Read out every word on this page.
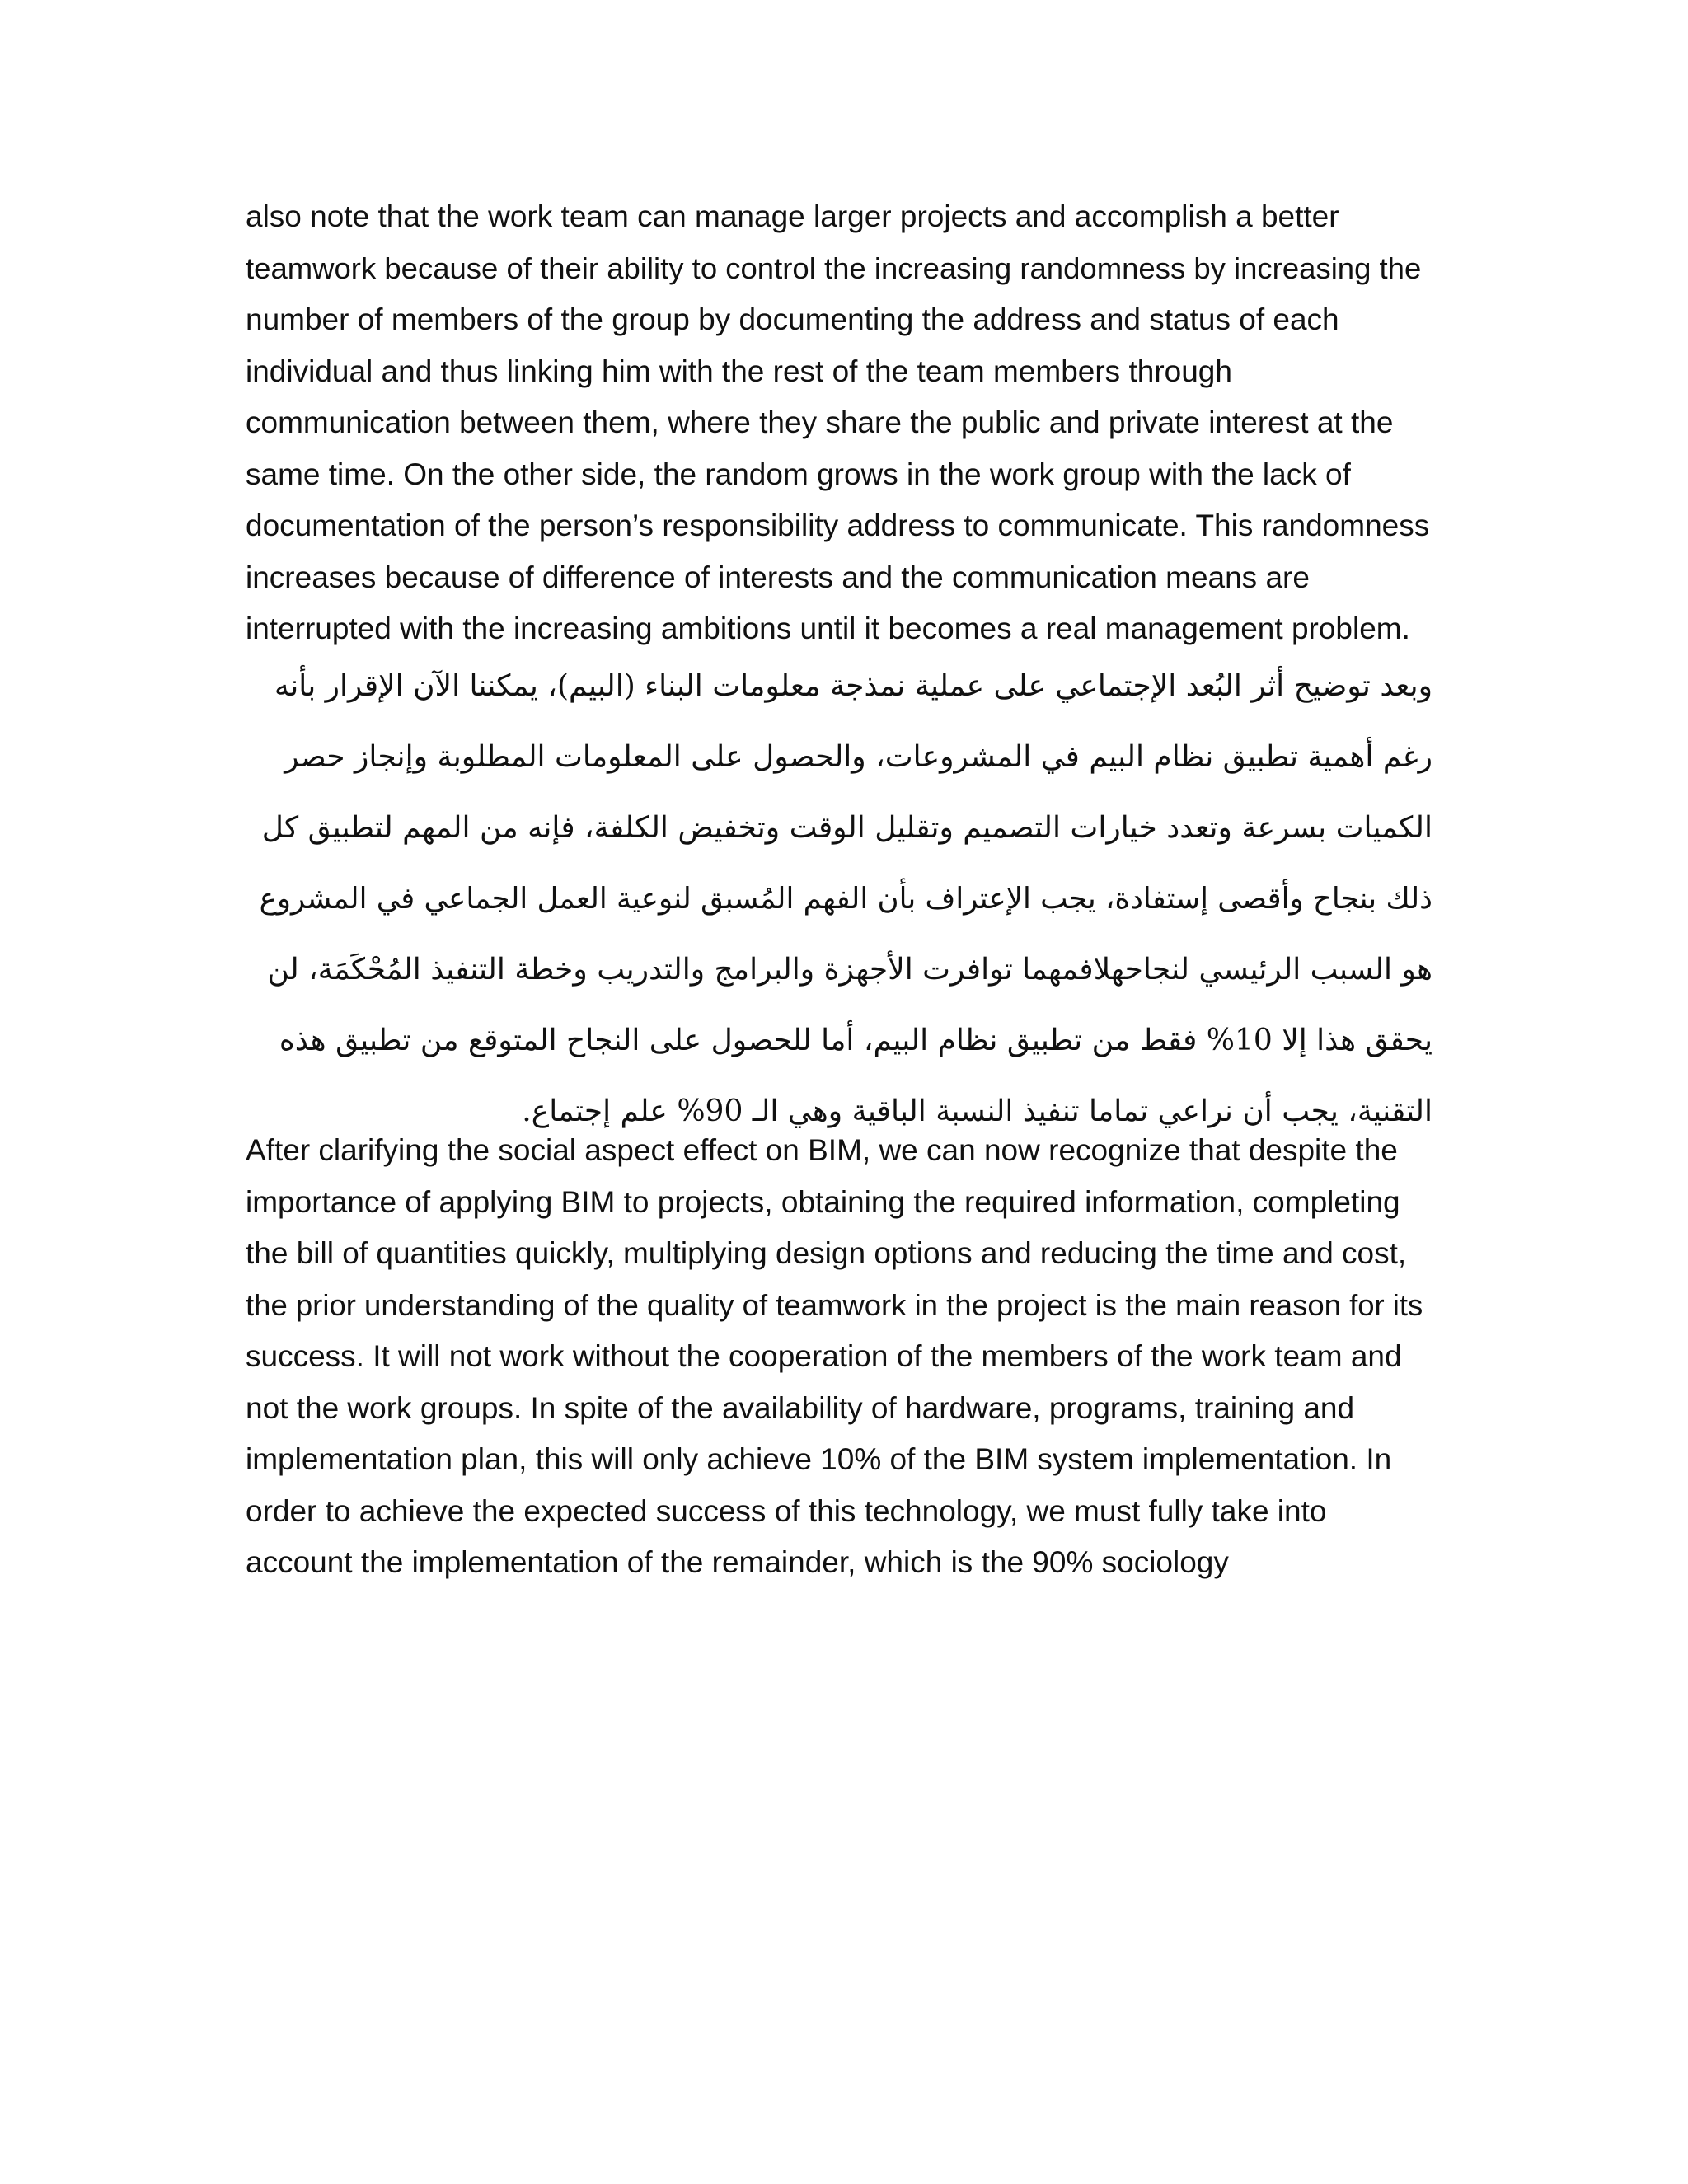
also note that the work team can manage larger projects and accomplish a better
teamwork because of their ability to control the increasing randomness by increasing the
number of members of the group by documenting the address and status of each
individual and thus linking him with the rest of the team members through
communication between them, where they share the public and private interest at the
same time. On the other side, the random grows in the work group with the lack of
documentation of the person’s responsibility address to communicate. This randomness
increases because of difference of interests and the communication means are
interrupted with the increasing ambitions until it becomes a real management problem.
وبعد توضيح أثر البُعد الإجتماعي على عملية نمذجة معلومات البناء (البيم)، يمكننا الآن الإقرار بأنه
رغم أهمية تطبيق نظام البيم في المشروعات، والحصول على المعلومات المطلوبة وإنجاز حصر
الكميات بسرعة وتعدد خيارات التصميم وتقليل الوقت وتخفيض الكلفة، فإنه من المهم لتطبيق كل
ذلك بنجاح وأقصى إستفادة، يجب الإعتراف بأن الفهم المُسبق لنوعية العمل الجماعي في المشروع
هو السبب الرئيسي لنجاحهلافمهما توافرت الأجهزة والبرامج والتدريب وخطة التنفيذ المُحْكَمَة، لن
يحقق هذا إلا 10% فقط من تطبيق نظام البيم، أما للحصول على النجاح المتوقع من تطبيق هذه
التقنية، يجب أن نراعي تماما تنفيذ النسبة الباقية وهي الـ 90% علم إجتماع.
After clarifying the social aspect effect on BIM, we can now recognize that despite the
importance of applying BIM to projects, obtaining the required information, completing
the bill of quantities quickly, multiplying design options and reducing the time and cost,
the prior understanding of the quality of teamwork in the project is the main reason for its
success. It will not work without the cooperation of the members of the work team and
not the work groups. In spite of the availability of hardware, programs, training and
implementation plan, this will only achieve 10% of the BIM system implementation. In
order to achieve the expected success of this technology, we must fully take into
account the implementation of the remainder, which is the 90% sociology
